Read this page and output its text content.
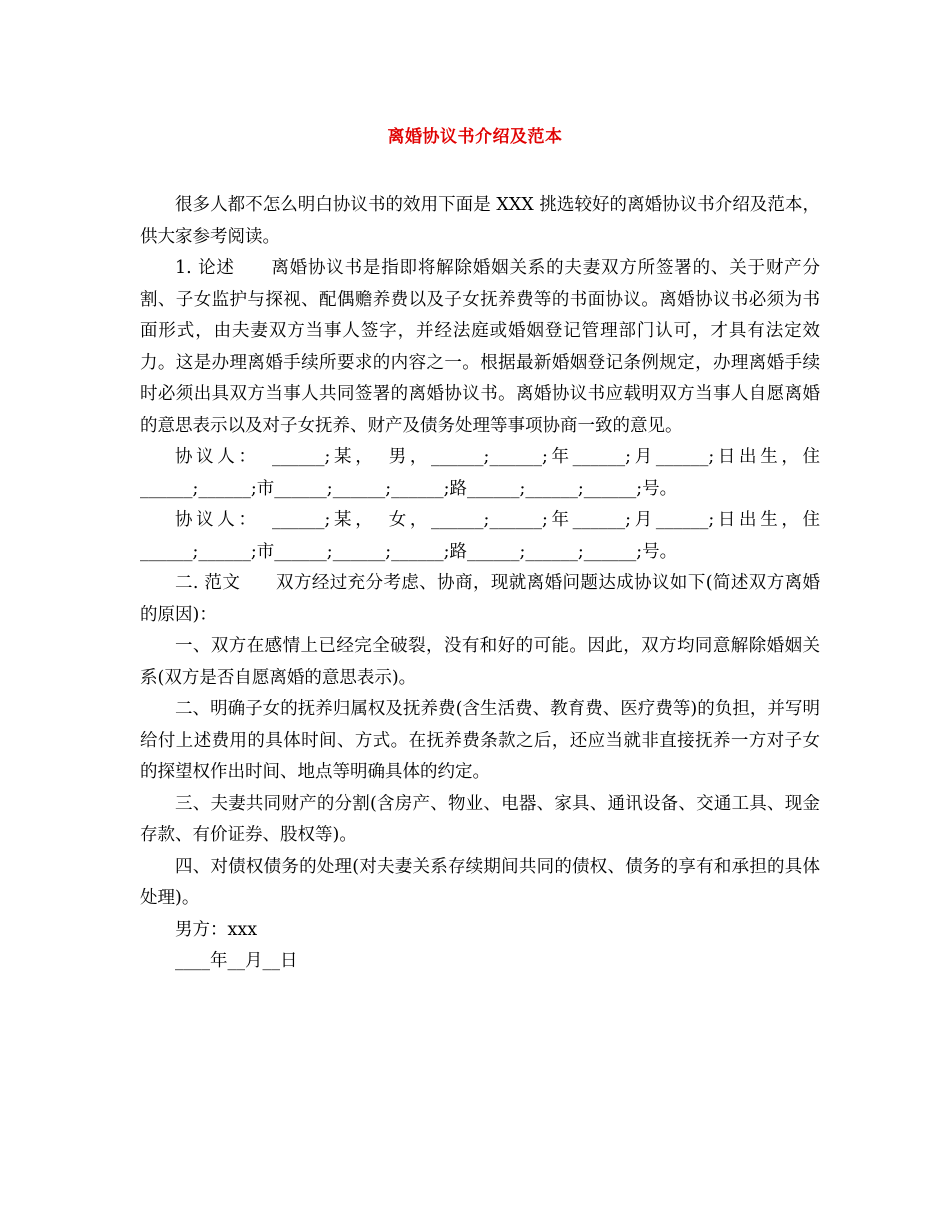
离婚协议书介绍及范本

很多人都不怎么明白协议书的效用下面是 XXX 挑选较好的离婚协议书介绍及范本，供大家参考阅读。

1. 论述　　离婚协议书是指即将解除婚姻关系的夫妻双方所签署的、关于财产分割、子女监护与探视、配偶赡养费以及子女抚养费等的书面协议。离婚协议书必须为书面形式，由夫妻双方当事人签字，并经法庭或婚姻登记管理部门认可，才具有法定效力。这是办理离婚手续所要求的内容之一。根据最新婚姻登记条例规定，办理离婚手续时必须出具双方当事人共同签署的离婚协议书。离婚协议书应载明双方当事人自愿离婚的意思表示以及对子女抚养、财产及债务处理等事项协商一致的意见。

协议人：　______;某，　男，______;______;年______;月______;日出生，住______;______;市______;______;______;路______;______;______;号。

协议人：　______;某，　女，______;______;年______;月______;日出生，住______;______;市______;______;______;路______;______;______;号。

二. 范文　　双方经过充分考虑、协商，现就离婚问题达成协议如下(简述双方离婚的原因)：

一、双方在感情上已经完全破裂，没有和好的可能。因此，双方均同意解除婚姻关系(双方是否自愿离婚的意思表示)。

二、明确子女的抚养归属权及抚养费(含生活费、教育费、医疗费等)的负担，并写明给付上述费用的具体时间、方式。在抚养费条款之后，还应当就非直接抚养一方对子女的探望权作出时间、地点等明确具体的约定。

三、夫妻共同财产的分割(含房产、物业、电器、家具、通讯设备、交通工具、现金存款、有价证券、股权等)。

四、对债权债务的处理(对夫妻关系存续期间共同的债权、债务的享有和承担的具体处理)。

男方：xxx

____年__月__日
